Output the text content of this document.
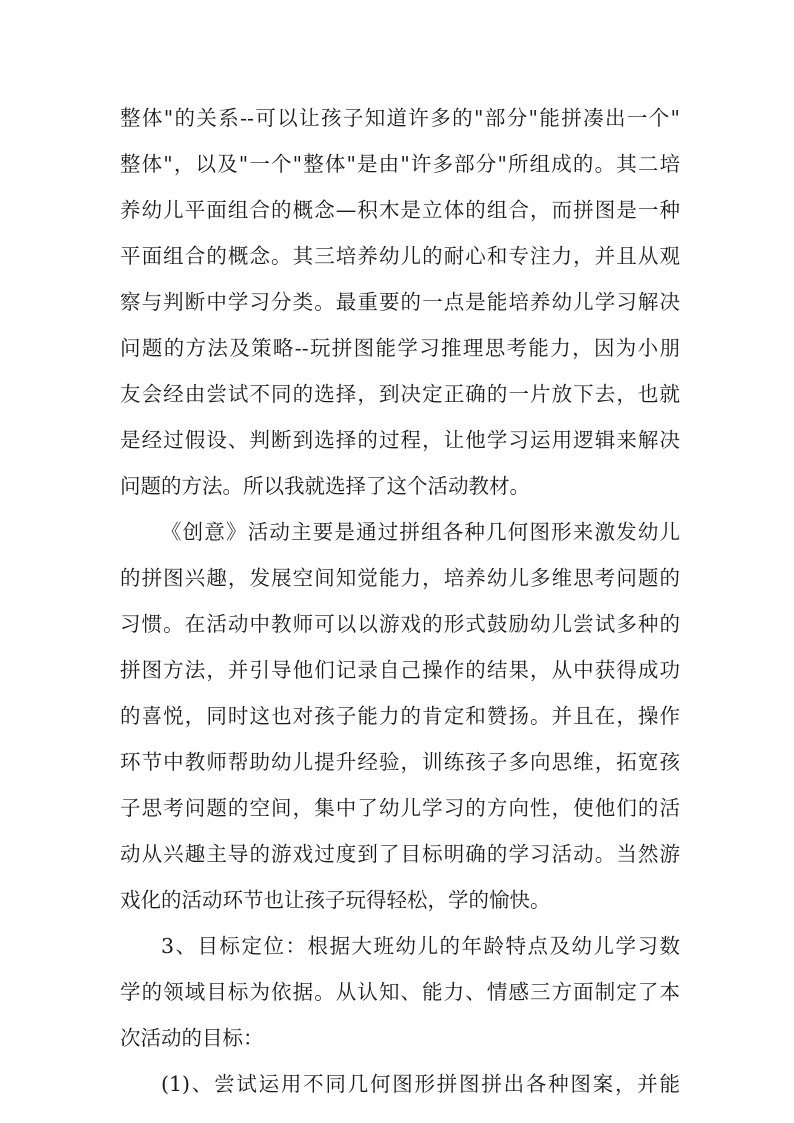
整体"的关系--可以让孩子知道许多的"部分"能拼凑出一个"
整体"，以及"一个"整体"是由"许多部分"所组成的。其二培
养幼儿平面组合的概念—积木是立体的组合，而拼图是一种
平面组合的概念。其三培养幼儿的耐心和专注力，并且从观
察与判断中学习分类。最重要的一点是能培养幼儿学习解决
问题的方法及策略--玩拼图能学习推理思考能力，因为小朋
友会经由尝试不同的选择，到决定正确的一片放下去，也就
是经过假设、判断到选择的过程，让他学习运用逻辑来解决
问题的方法。所以我就选择了这个活动教材。
《创意》活动主要是通过拼组各种几何图形来激发幼儿
的拼图兴趣，发展空间知觉能力，培养幼儿多维思考问题的
习惯。在活动中教师可以以游戏的形式鼓励幼儿尝试多种的
拼图方法，并引导他们记录自己操作的结果，从中获得成功
的喜悦，同时这也对孩子能力的肯定和赞扬。并且在，操作
环节中教师帮助幼儿提升经验，训练孩子多向思维，拓宽孩
子思考问题的空间，集中了幼儿学习的方向性，使他们的活
动从兴趣主导的游戏过度到了目标明确的学习活动。当然游
戏化的活动环节也让孩子玩得轻松，学的愉快。
3、目标定位：根据大班幼儿的年龄特点及幼儿学习数
学的领域目标为依据。从认知、能力、情感三方面制定了本
次活动的目标：
(1)、尝试运用不同几何图形拼图拼出各种图案，并能
